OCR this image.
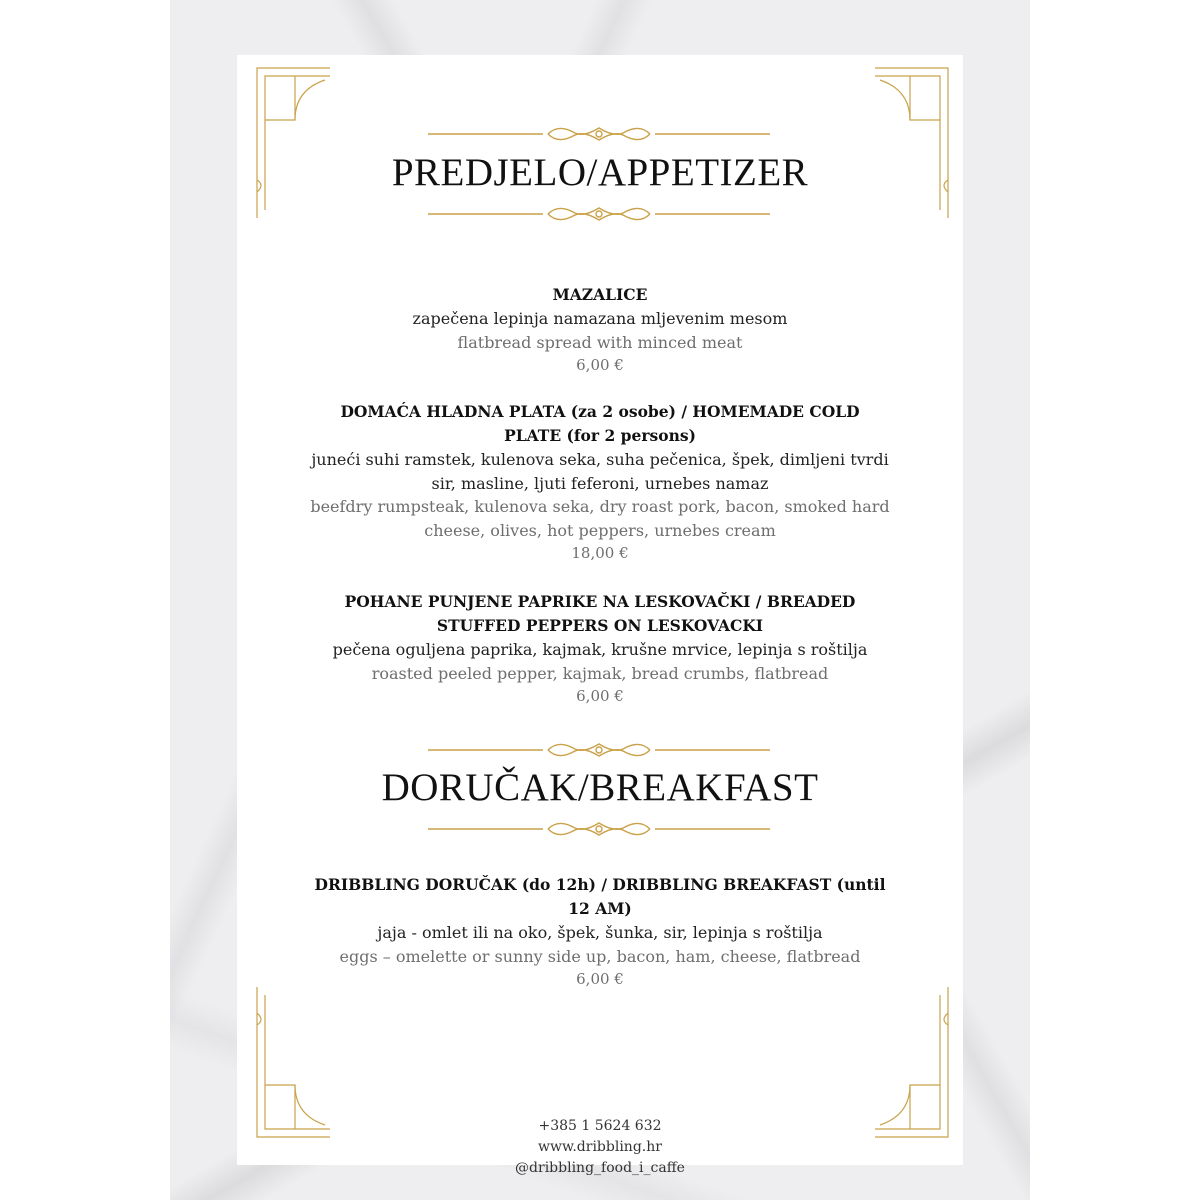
PREDJELO/APPETIZER
MAZALICE
zapečena lepinja namazana mljevenim mesom
flatbread spread with minced meat
6,00 €
DOMAĆA HLADNA PLATA (za 2 osobe) / HOMEMADE COLD PLATE (for 2 persons)
juneći suhi ramstek, kulenova seka, suha pečenica, špek, dimljeni tvrdi sir, masline, ljuti feferoni, urnebes namaz
beefdry rumpsteak, kulenova seka, dry roast pork, bacon, smoked hard cheese, olives, hot peppers, urnebes cream
18,00 €
POHANE PUNJENE PAPRIKE NA LESKOVAČKI / BREADED STUFFED PEPPERS ON LESKOVACKI
pečena oguljena paprika, kajmak, krušne mrvice, lepinja s roštilja
roasted peeled pepper, kajmak, bread crumbs, flatbread
6,00 €
DORUČAK/BREAKFAST
DRIBBLING DORUČAK (do 12h) / DRIBBLING BREAKFAST (until 12 AM)
jaja - omlet ili na oko, špek, šunka, sir, lepinja s roštilja
eggs – omelette or sunny side up, bacon, ham, cheese, flatbread
6,00 €
+385 1 5624 632
www.dribbling.hr
@dribbling_food_i_caffe
